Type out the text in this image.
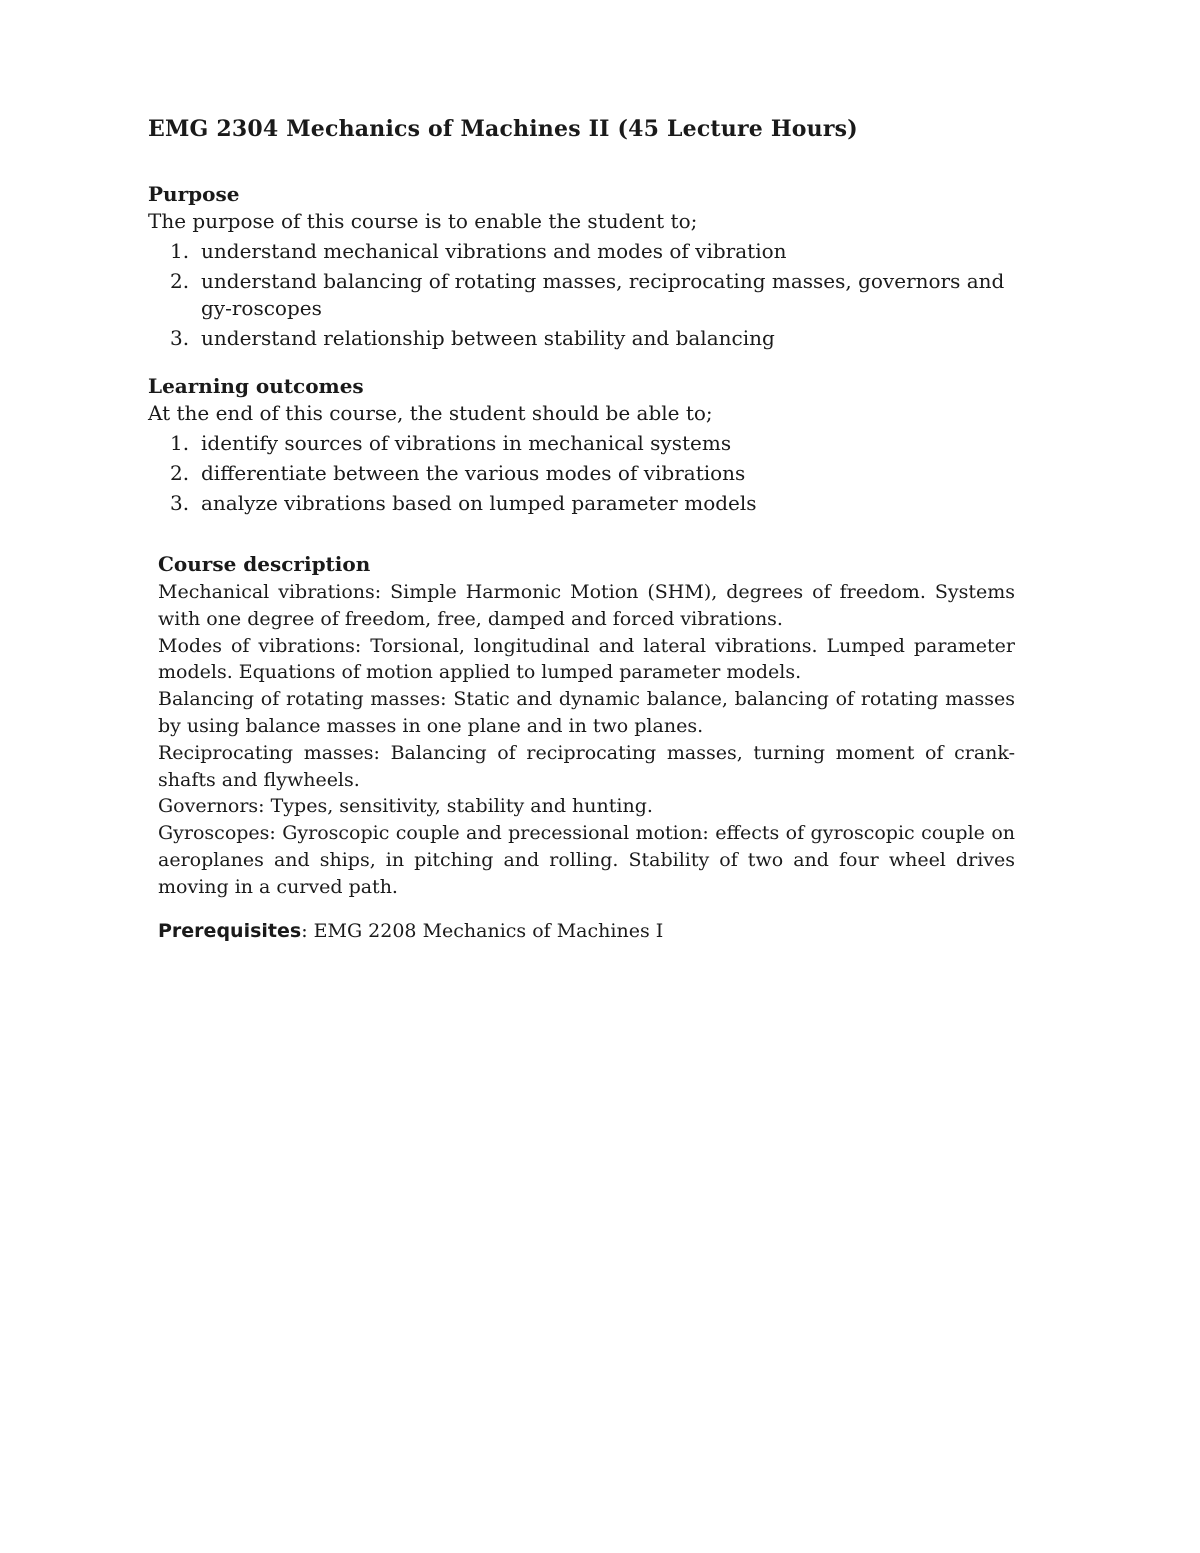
EMG 2304 Mechanics of Machines II (45 Lecture Hours)
Purpose
The purpose of this course is to enable the student to;
1. understand mechanical vibrations and modes of vibration
2. understand balancing of rotating masses, reciprocating masses, governors and gy-roscopes
3. understand relationship between stability and balancing
Learning outcomes
At the end of this course, the student should be able to;
1. identify sources of vibrations in mechanical systems
2. differentiate between the various modes of vibrations
3. analyze vibrations based on lumped parameter models
Course description

Mechanical vibrations: Simple Harmonic Motion (SHM), degrees of freedom. Systems with one degree of freedom, free, damped and forced vibrations.

Modes of vibrations: Torsional, longitudinal and lateral vibrations. Lumped parameter models. Equations of motion applied to lumped parameter models.

Balancing of rotating masses: Static and dynamic balance, balancing of rotating masses by using balance masses in one plane and in two planes.

Reciprocating masses: Balancing of reciprocating masses, turning moment of crank-shafts and flywheels.

Governors: Types, sensitivity, stability and hunting.

Gyroscopes: Gyroscopic couple and precessional motion: effects of gyroscopic couple on aeroplanes and ships, in pitching and rolling. Stability of two and four wheel drives moving in a curved path.

Prerequisites: EMG 2208 Mechanics of Machines I
